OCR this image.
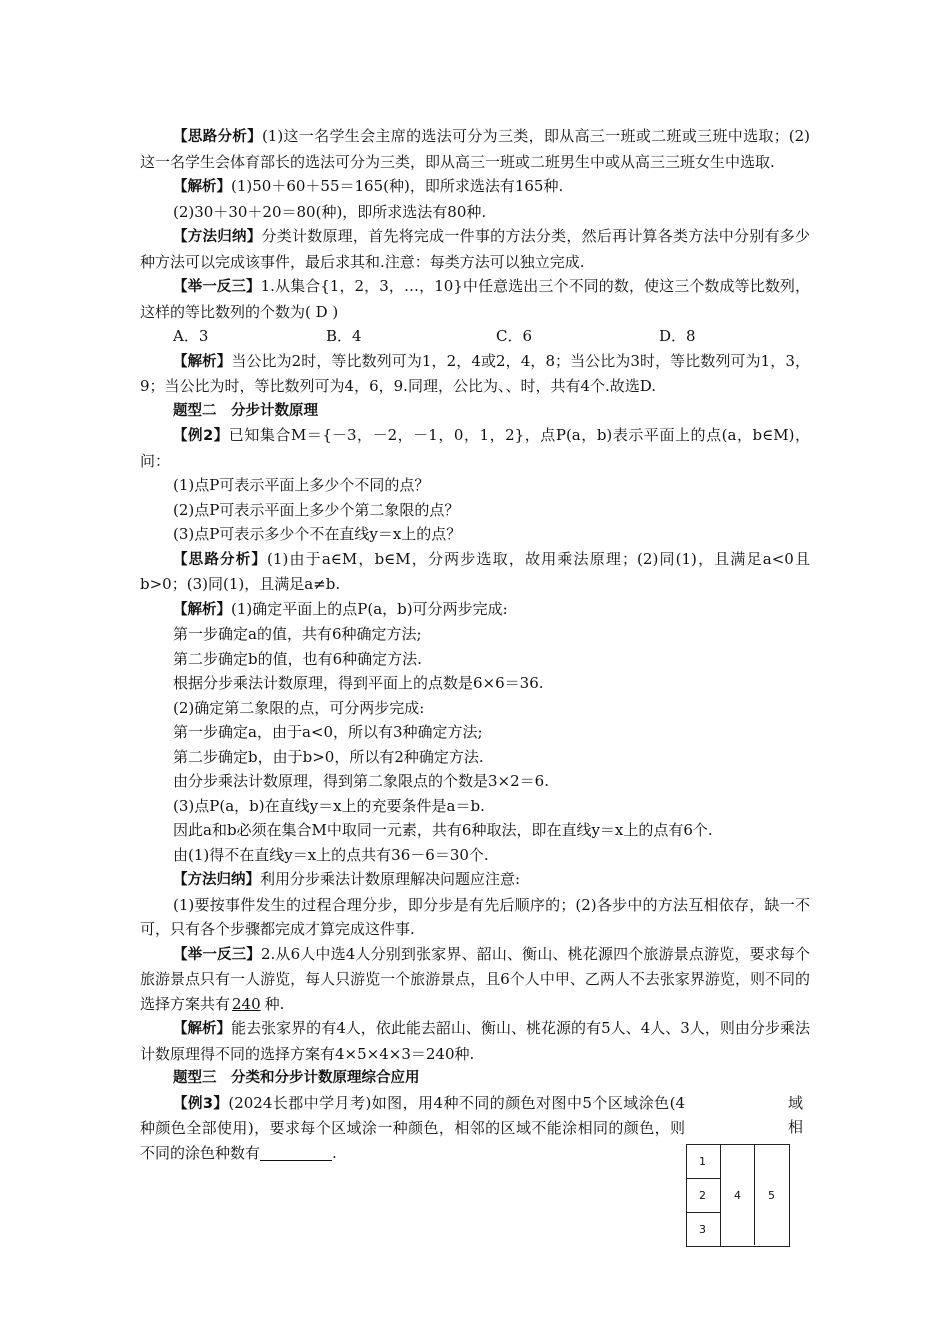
【思路分析】(1)这一名学生会主席的选法可分为三类，即从高三一班或二班或三班中选取；(2)这一名学生会体育部长的选法可分为三类，即从高三一班或二班男生中或从高三三班女生中选取.

【解析】(1)50＋60＋55＝165(种)，即所求选法有165种.

(2)30＋30＋20＝80(种)，即所求选法有80种.

【方法归纳】分类计数原理，首先将完成一件事的方法分类，然后再计算各类方法中分别有多少种方法可以完成该事件，最后求其和.注意：每类方法可以独立完成.

【举一反三】1.从集合{1，2，3，…，10}中任意选出三个不同的数，使这三个数成等比数列，这样的等比数列的个数为( D )

A．3	B．4	C．6	D．8

【解析】当公比为2时，等比数列可为1，2，4或2，4，8；当公比为3时，等比数列可为1，3，9；当公比为时，等比数列可为4，6，9.同理，公比为、、时，共有4个.故选D.

题型二　分步计数原理

【例2】已知集合M＝{－3，－2，－1，0，1，2}，点P(a，b)表示平面上的点(a，b∈M)，问：

(1)点P可表示平面上多少个不同的点？

(2)点P可表示平面上多少个第二象限的点？

(3)点P可表示多少个不在直线y＝x上的点？

【思路分析】(1)由于a∈M，b∈M，分两步选取，故用乘法原理；(2)同(1)，且满足a<0且b>0；(3)同(1)，且满足a≠b.

【解析】(1)确定平面上的点P(a，b)可分两步完成:

第一步确定a的值，共有6种确定方法;

第二步确定b的值，也有6种确定方法.

根据分步乘法计数原理，得到平面上的点数是6×6＝36.

(2)确定第二象限的点，可分两步完成:

第一步确定a，由于a<0，所以有3种确定方法;

第二步确定b，由于b>0，所以有2种确定方法.

由分步乘法计数原理，得到第二象限点的个数是3×2＝6.

(3)点P(a，b)在直线y＝x上的充要条件是a＝b.

因此a和b必须在集合M中取同一元素，共有6种取法，即在直线y＝x上的点有6个.

由(1)得不在直线y＝x上的点共有36－6＝30个.

【方法归纳】利用分步乘法计数原理解决问题应注意:

(1)要按事件发生的过程合理分步，即分步是有先后顺序的；(2)各步中的方法互相依存，缺一不可，只有各个步骤都完成才算完成这件事.

【举一反三】2.从6人中选4人分别到张家界、韶山、衡山、桃花源四个旅游景点游览，要求每个旅游景点只有一人游览，每人只游览一个旅游景点，且6个人中甲、乙两人不去张家界游览，则不同的选择方案共有 240 种.

【解析】能去张家界的有4人，依此能去韶山、衡山、桃花源的有5人、4人、3人，则由分步乘法计数原理得不同的选择方案有4×5×4×3＝240种.

题型三　分类和分步计数原理综合应用

【例3】(2024长郡中学月考)如图，用4种不同的颜色对图中5个区域涂色(4种颜色全部使用)，要求每个区域涂一种颜色，相邻的区域不能涂相同的颜色，则不同的涂色种数有	.

域
相
1
2
3
4 5
